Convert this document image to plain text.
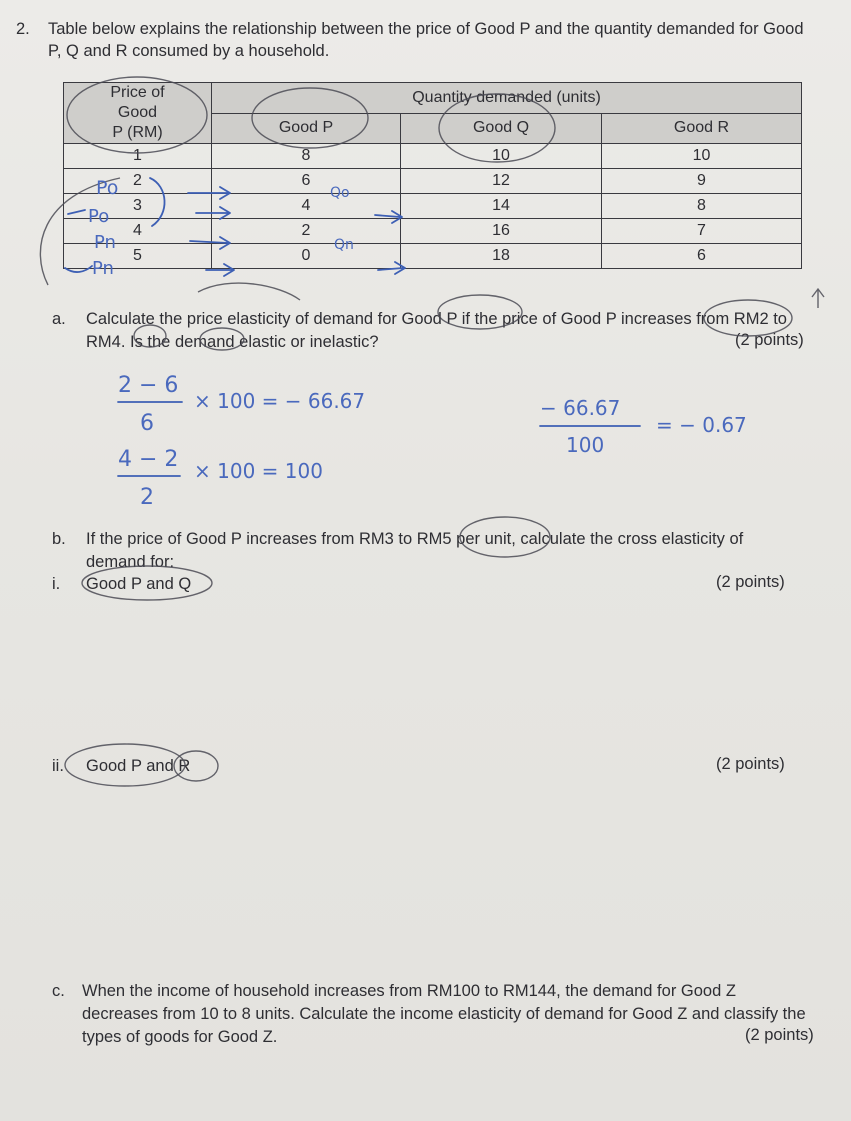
2. Table below explains the relationship between the price of Good P and the quantity demanded for Good P, Q and R consumed by a household.
Price of
Good
P (RM)	Quantity demanded (units)		
	Good P	Good Q	Good R
1	8	10	10
2	6	12	9
3	4	14	8
4	2	16	7
5	0	18	6
a. Calculate the price elasticity of demand for Good P if the price of Good P increases from RM2 to RM4. Is the demand elastic or inelastic?	(2 points)
b. If the price of Good P increases from RM3 to RM5 per unit, calculate the cross elasticity of demand for:
i. Good P and Q	(2 points)
ii. Good P and R	(2 points)
c. When the income of household increases from RM100 to RM144, the demand for Good Z decreases from 10 to 8 units. Calculate the income elasticity of demand for Good Z and classify the types of goods for Good Z.	(2 points)
Po
Po
Pn
Pn
Qo
Qn
2 − 6
6
× 100 = − 66.67
4 − 2
2
× 100 = 100
− 66.67
100
= − 0.67
